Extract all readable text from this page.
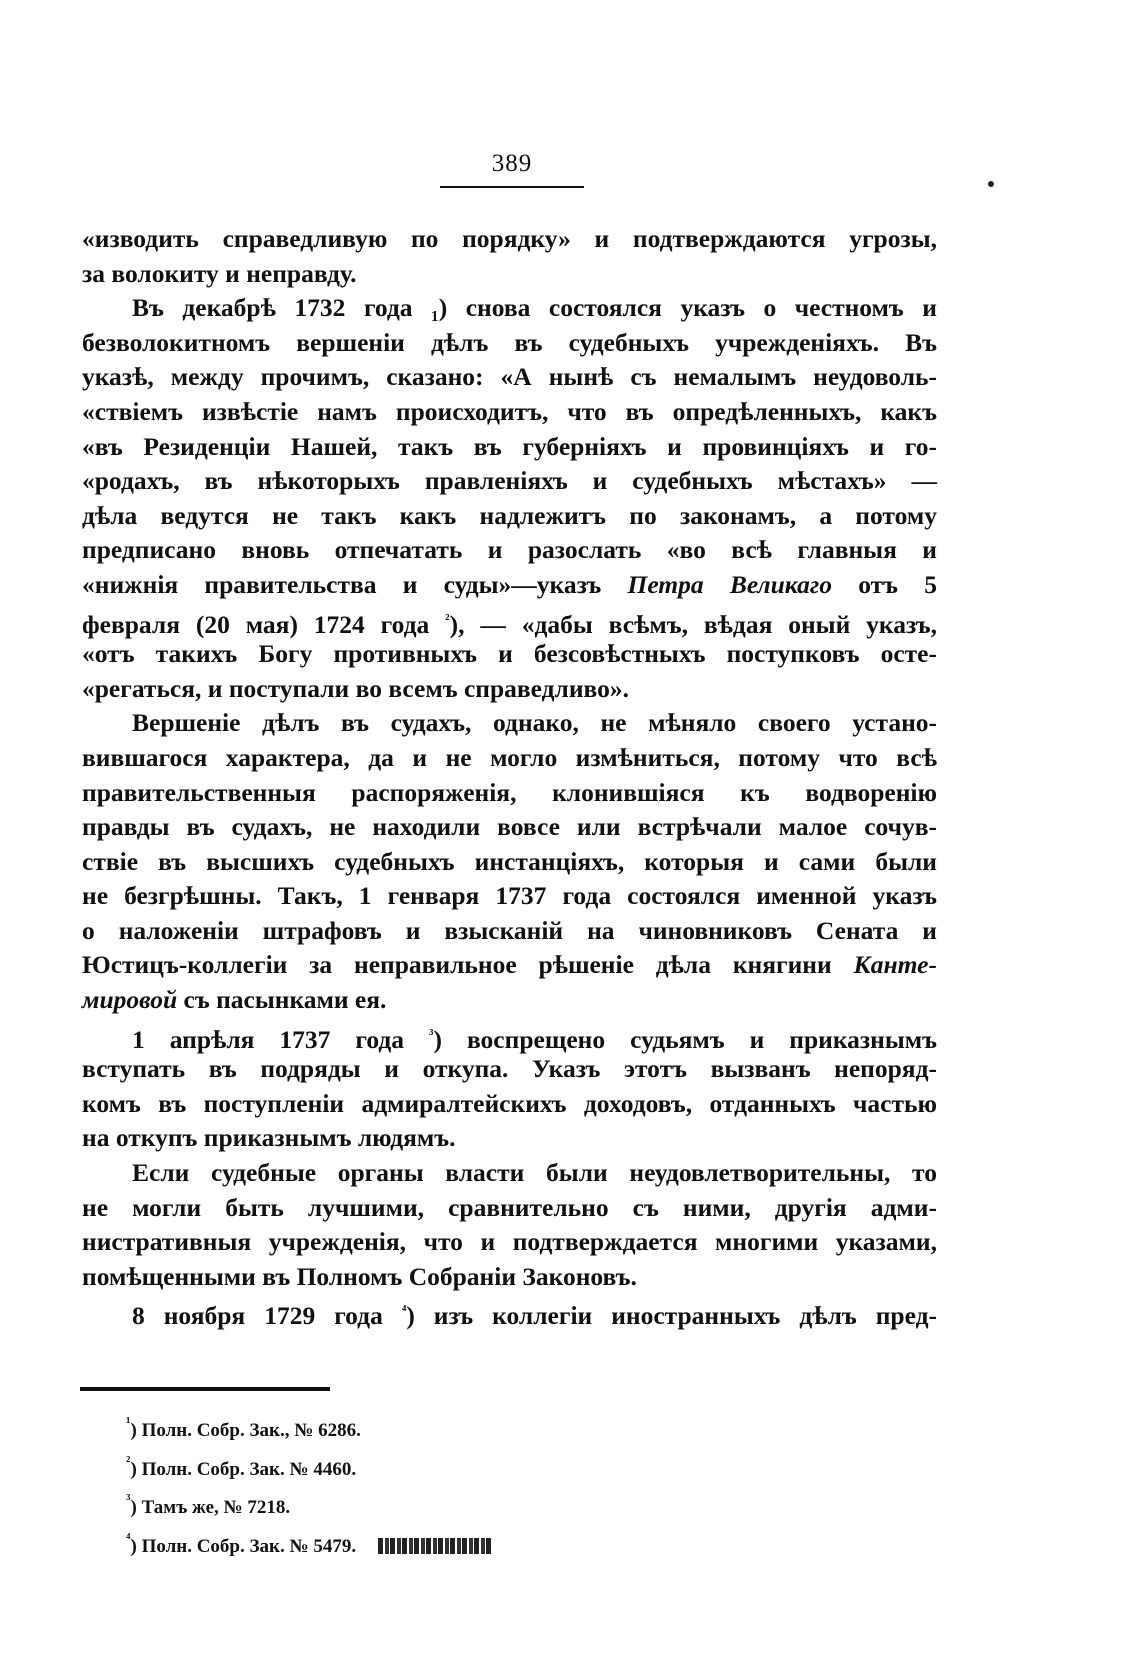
389
«изводить справедливую по порядку» и подтверждаются угрозы,
за волокиту и неправду.
Въ декабрѣ 1732 года ₁) снова состоялся указъ о честномъ и
безволокитномъ вершеніи дѣлъ въ судебныхъ учрежденіяхъ. Въ
указѣ, между прочимъ, сказано: «А нынѣ съ немалымъ неудоволь-
«ствіемъ извѣстіе намъ происходитъ, что въ опредѣленныхъ, какъ
«въ Резиденціи Нашей, такъ въ губерніяхъ и провинціяхъ и го-
«родахъ, въ нѣкоторыхъ правленіяхъ и судебныхъ мѣстахъ» —
дѣла ведутся не такъ какъ надлежитъ по законамъ, а потому
предписано вновь отпечатать и разослать «во всѣ главныя и
«нижнія правительства и суды»—указъ Петра Великаго отъ 5
февраля (20 мая) 1724 года $^{^2}$), — «дабы всѣмъ, вѣдая оный указъ,
«отъ такихъ Богу противныхъ и безсовѣстныхъ поступковъ осте-
«регаться, и поступали во всемъ справедливо».
Вершеніе дѣлъ въ судахъ, однако, не мѣняло своего устано-
вившагося характера, да и не могло измѣниться, потому что всѣ
правительственныя распоряженія, клонившіяся къ водворенію
правды въ судахъ, не находили вовсе или встрѣчали малое сочув-
ствіе въ высшихъ судебныхъ инстанціяхъ, которыя и сами были
не безгрѣшны. Такъ, 1 генваря 1737 года состоялся именной указъ
о наложеніи штрафовъ и взысканій на чиновниковъ Сената и
Юстицъ-коллегіи за неправильное рѣшеніе дѣла княгини Канте-
мировой съ пасынками ея.
1 апрѣля 1737 года $^{^3}$) воспрещено судьямъ и приказнымъ
вступать въ подряды и откупа. Указъ этотъ вызванъ непоряд-
комъ въ поступленіи адмиралтейскихъ доходовъ, отданныхъ частью
на откупъ приказнымъ людямъ.
Если судебные органы власти были неудовлетворительны, то
не могли быть лучшими, сравнительно съ ними, другія адми-
нистративныя учрежденія, что и подтверждается многими указами,
помѣщенными въ Полномъ Собраніи Законовъ.
8 ноября 1729 года $^{^4}$) изъ коллегіи иностранныхъ дѣлъ пред-
$^{^1}$) Полн. Собр. Зак., № 6286.
$^{^2}$) Полн. Собр. Зак. № 4460.
$^{^3}$) Тамъ же, № 7218.
$^{^4}$) Полн. Собр. Зак. № 5479.
